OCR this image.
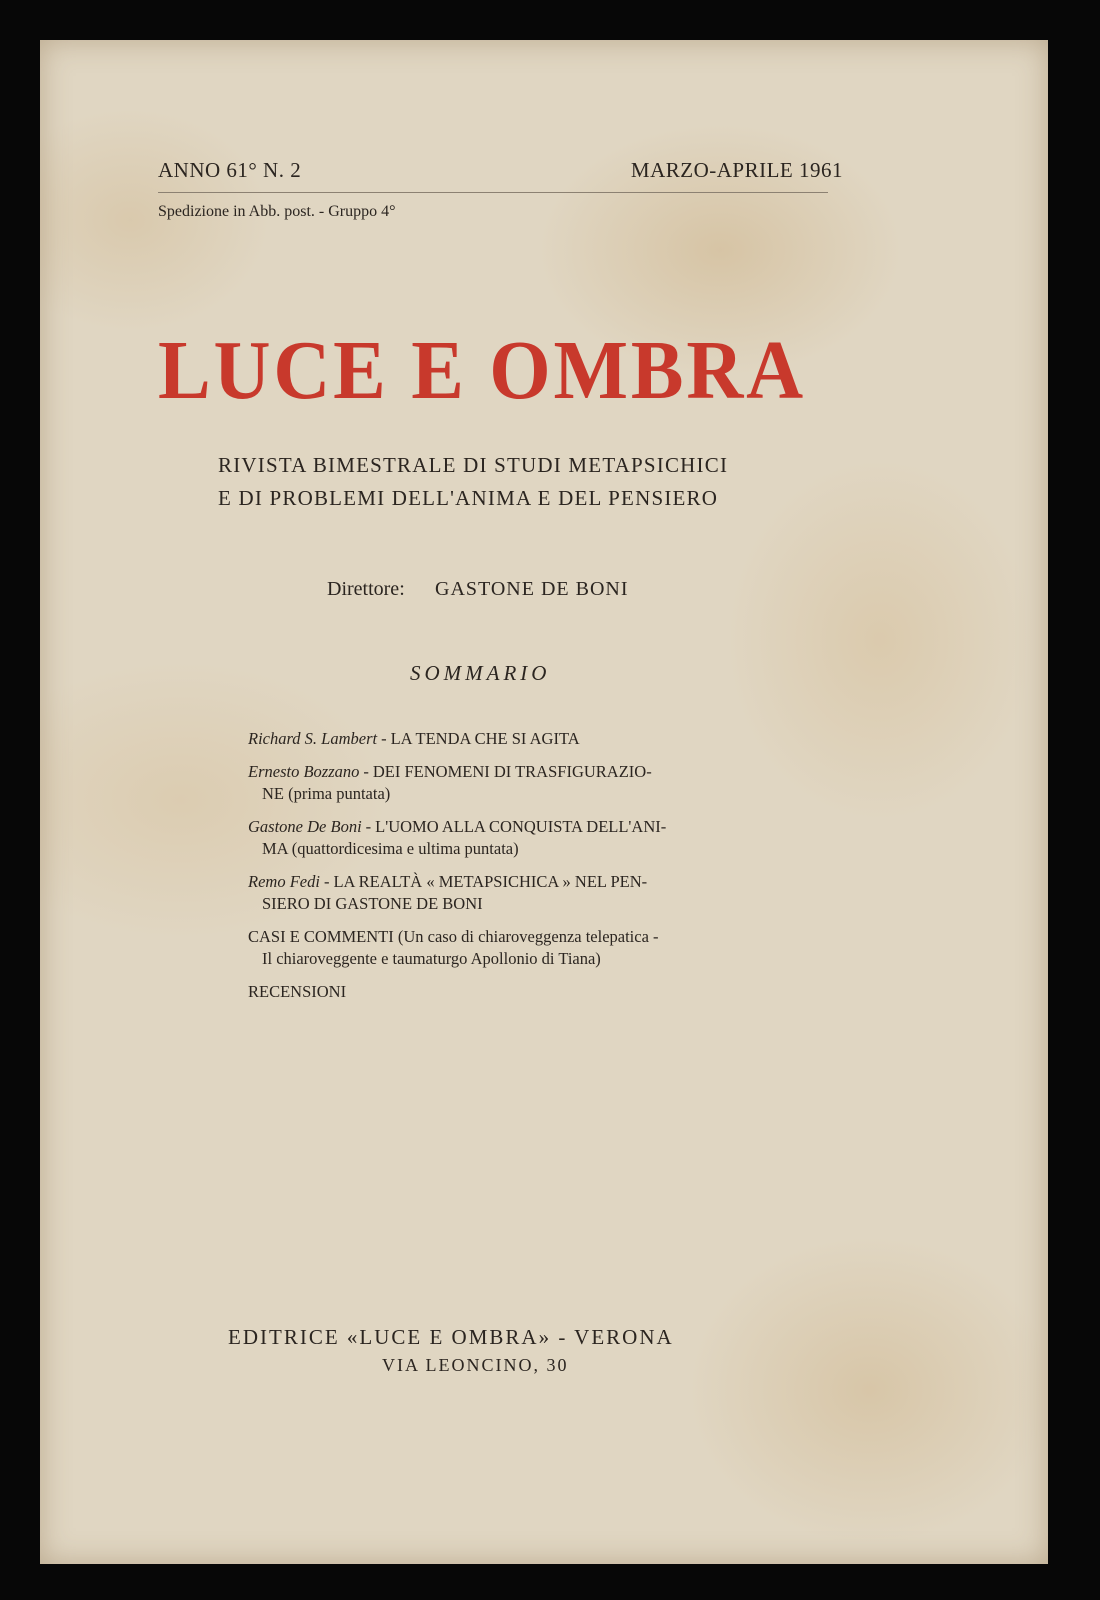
ANNO 61° N. 2	MARZO-APRILE 1961
Spedizione in Abb. post. - Gruppo 4°
LUCE E OMBRA
RIVISTA BIMESTRALE DI STUDI METAPSICHICI
E DI PROBLEMI DELL'ANIMA E DEL PENSIERO
Direttore: GASTONE DE BONI
SOMMARIO
Richard S. Lambert - LA TENDA CHE SI AGITA
Ernesto Bozzano - DEI FENOMENI DI TRASFIGURAZIO-
NE (prima puntata)
Gastone De Boni - L'UOMO ALLA CONQUISTA DELL'ANI-
MA (quattordicesima e ultima puntata)
Remo Fedi - LA REALTÀ « METAPSICHICA » NEL PEN-
SIERO DI GASTONE DE BONI
CASI E COMMENTI (Un caso di chiaroveggenza telepatica -
Il chiaroveggente e taumaturgo Apollonio di Tiana)
RECENSIONI
EDITRICE «LUCE E OMBRA» - VERONA
VIA LEONCINO, 30
